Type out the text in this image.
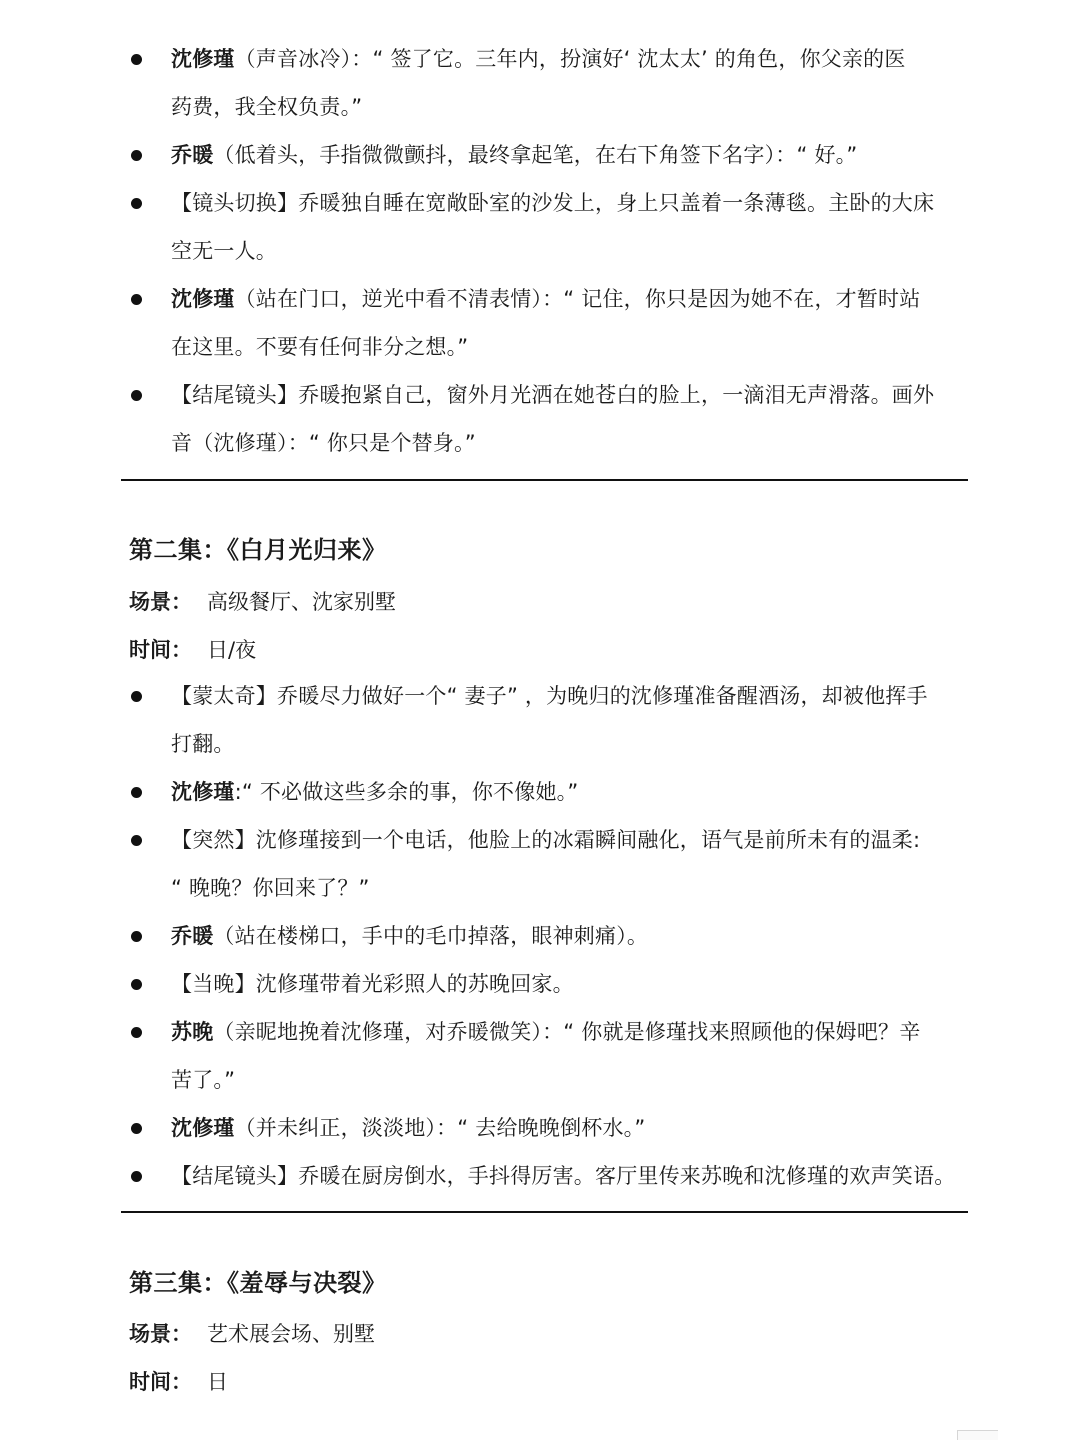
沈修瑾（声音冰冷）：“ 签了它。三年内，扮演好‘ 沈太太’ 的角色，你父亲的医
药费，我全权负责。”
乔暖（低着头，手指微微颤抖，最终拿起笔，在右下角签下名字）：“ 好。”
【镜头切换】乔暖独自睡在宽敞卧室的沙发上，身上只盖着一条薄毯。主卧的大床
空无一人。
沈修瑾（站在门口，逆光中看不清表情）：“ 记住，你只是因为她不在，才暂时站
在这里。不要有任何非分之想。”
【结尾镜头】乔暖抱紧自己，窗外月光洒在她苍白的脸上，一滴泪无声滑落。画外
音（沈修瑾）：“ 你只是个替身。”
第二集：《白月光归来》
场景： 高级餐厅、沈家别墅
时间： 日/夜
【蒙太奇】乔暖尽力做好一个“ 妻子” ，为晚归的沈修瑾准备醒酒汤，却被他挥手
打翻。
沈修瑾:“ 不必做这些多余的事，你不像她。”
【突然】沈修瑾接到一个电话，他脸上的冰霜瞬间融化，语气是前所未有的温柔:
“ 晚晚？你回来了？”
乔暖（站在楼梯口，手中的毛巾掉落，眼神刺痛）。
【当晚】沈修瑾带着光彩照人的苏晚回家。
苏晚（亲昵地挽着沈修瑾，对乔暖微笑）：“ 你就是修瑾找来照顾他的保姆吧？辛
苦了。”
沈修瑾（并未纠正，淡淡地）：“ 去给晚晚倒杯水。”
【结尾镜头】乔暖在厨房倒水，手抖得厉害。客厅里传来苏晚和沈修瑾的欢声笑语。
第三集：《羞辱与决裂》
场景： 艺术展会场、别墅
时间： 日
